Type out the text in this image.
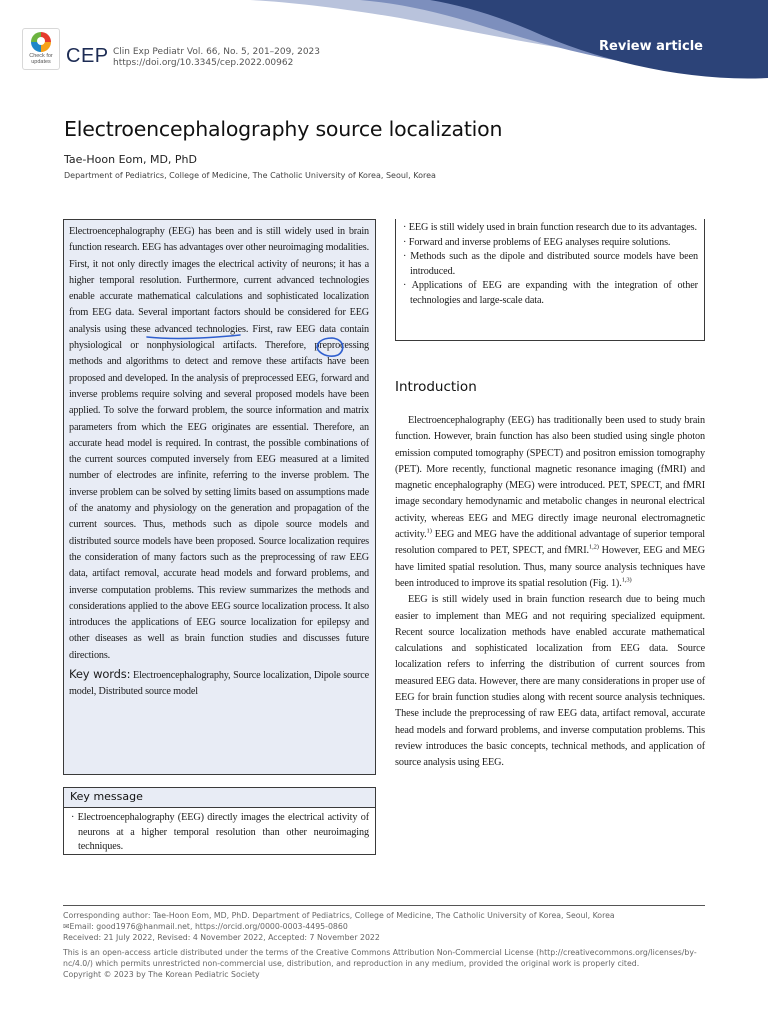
Check for updates CEP Clin Exp Pediatr Vol. 66, No. 5, 201–209, 2023
https://doi.org/10.3345/cep.2022.00962
Review article
Electroencephalography source localization
Tae-Hoon Eom, MD, PhD
Department of Pediatrics, College of Medicine, The Catholic University of Korea, Seoul, Korea

Electroencephalography (EEG) has been and is still widely used in brain function research. EEG has advantages over other neuroimaging modalities. First, it not only directly images the electrical activity of neurons; it has a higher temporal resolution. Furthermore, current advanced technologies enable accurate mathematical calculations and sophisticated localization from EEG data. Several important factors should be considered for EEG analysis using these advanced technologies. First, raw EEG data contain physiological or nonphysiological artifacts. Therefore, preprocessing methods and algorithms to detect and remove these artifacts have been proposed and developed. In the analysis of preprocessed EEG, forward and inverse problems require solving and several proposed models have been applied. To solve the forward problem, the source information and matrix parameters from which the EEG originates are essential. Therefore, an accurate head model is required. In contrast, the possible combinations of the current sources computed inversely from EEG measured at a limited number of electrodes are infinite, referring to the inverse problem. The inverse problem can be solved by setting limits based on assumptions made of the anatomy and physiology on the generation and propagation of the current sources. Thus, methods such as dipole source models and distributed source models have been proposed. Source localization requires the consideration of many factors such as the preprocessing of raw EEG data, artifact removal, accurate head models and forward problems, and inverse computation problems. This review summarizes the methods and considerations applied to the above EEG source localization process. It also introduces the applications of EEG source localization for epilepsy and other diseases as well as brain function studies and discusses future directions.

Key words: Electroencephalography, Source localization, Dipole source model, Distributed source model

Key message
· Electroencephalography (EEG) directly images the electrical activity of neurons at a higher temporal resolution than other neuroimaging techniques.
· EEG is still widely used in brain function research due to its advantages.
· Forward and inverse problems of EEG analyses require solutions.
· Methods such as the dipole and distributed source models have been introduced.
· Applications of EEG are expanding with the integration of other technologies and large-scale data.
Introduction

Electroencephalography (EEG) has traditionally been used to study brain function. However, brain function has also been studied using single photon emission computed tomography (SPECT) and positron emission tomography (PET). More recently, functional magnetic resonance imaging (fMRI) and magnetic encephalography (MEG) were introduced. PET, SPECT, and fMRI image secondary hemodynamic and metabolic changes in neuronal electrical activity, whereas EEG and MEG directly image neuronal electromagnetic activity.$^{1)}$ EEG and MEG have the additional advantage of superior temporal resolution compared to PET, SPECT, and fMRI.$^{1,2)}$ However, EEG and MEG have limited spatial resolution. Thus, many source analysis techniques have been introduced to improve its spatial resolution (Fig. 1).$^{1,3)}$

EEG is still widely used in brain function research due to being much easier to implement than MEG and not requiring specialized equipment. Recent source localization methods have enabled accurate mathematical calculations and sophisticated localization from EEG data. Source localization refers to inferring the distribution of current sources from measured EEG data. However, there are many considerations in proper use of EEG for brain function studies along with recent source analysis techniques. These include the preprocessing of raw EEG data, artifact removal, accurate head models and forward problems, and inverse computation problems. This review introduces the basic concepts, technical methods, and application of source analysis using EEG.

Corresponding author: Tae-Hoon Eom, MD, PhD. Department of Pediatrics, College of Medicine, The Catholic University of Korea, Seoul, Korea
✉Email: good1976@hanmail.net, https://orcid.org/0000-0003-4495-0860
Received: 21 July 2022, Revised: 4 November 2022, Accepted: 7 November 2022
This is an open-access article distributed under the terms of the Creative Commons Attribution Non-Commercial License (http://creativecommons.org/licenses/by-nc/4.0/) which permits unrestricted non-commercial use, distribution, and reproduction in any medium, provided the original work is properly cited.
Copyright © 2023 by The Korean Pediatric Society
